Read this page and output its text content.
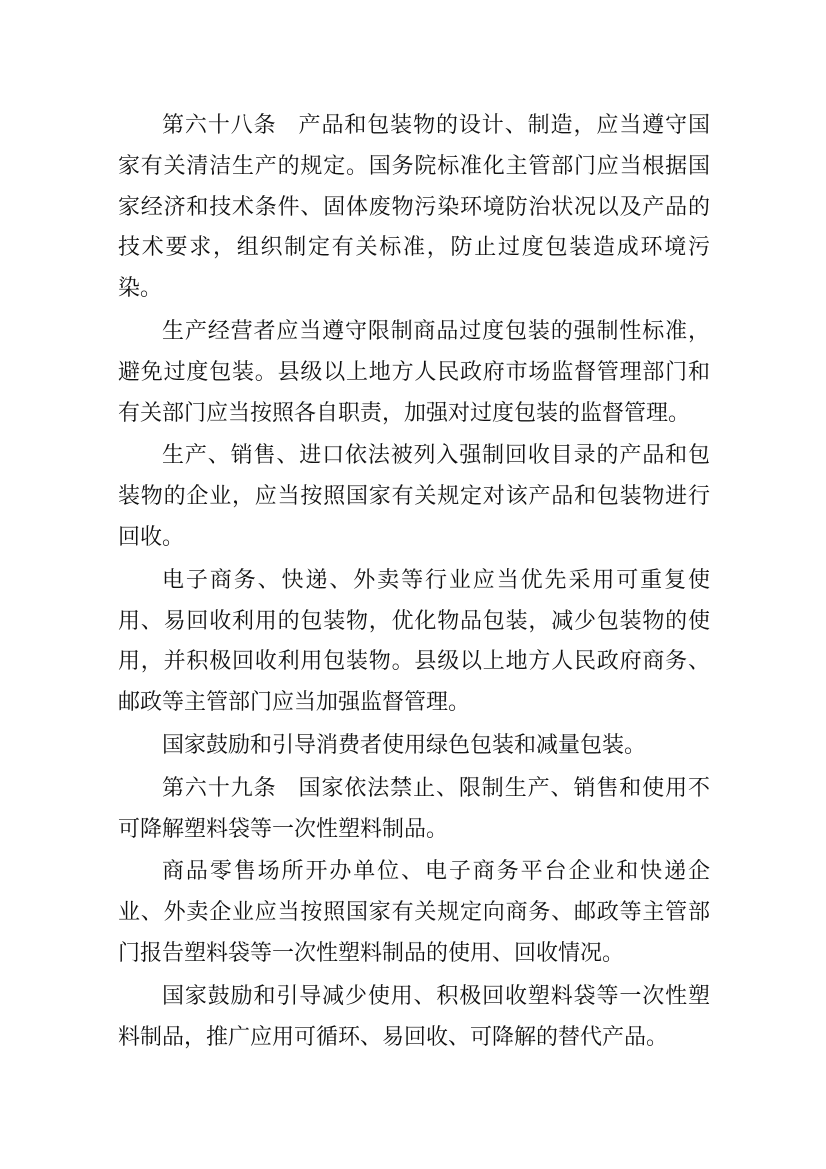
第六十八条 产品和包装物的设计、制造，应当遵守国家有关清洁生产的规定。国务院标准化主管部门应当根据国家经济和技术条件、固体废物污染环境防治状况以及产品的技术要求，组织制定有关标准，防止过度包装造成环境污染。

生产经营者应当遵守限制商品过度包装的强制性标准，避免过度包装。县级以上地方人民政府市场监督管理部门和有关部门应当按照各自职责，加强对过度包装的监督管理。

生产、销售、进口依法被列入强制回收目录的产品和包装物的企业，应当按照国家有关规定对该产品和包装物进行回收。

电子商务、快递、外卖等行业应当优先采用可重复使用、易回收利用的包装物，优化物品包装，减少包装物的使用，并积极回收利用包装物。县级以上地方人民政府商务、邮政等主管部门应当加强监督管理。

国家鼓励和引导消费者使用绿色包装和减量包装。

第六十九条 国家依法禁止、限制生产、销售和使用不可降解塑料袋等一次性塑料制品。

商品零售场所开办单位、电子商务平台企业和快递企业、外卖企业应当按照国家有关规定向商务、邮政等主管部门报告塑料袋等一次性塑料制品的使用、回收情况。

国家鼓励和引导减少使用、积极回收塑料袋等一次性塑料制品，推广应用可循环、易回收、可降解的替代产品。
